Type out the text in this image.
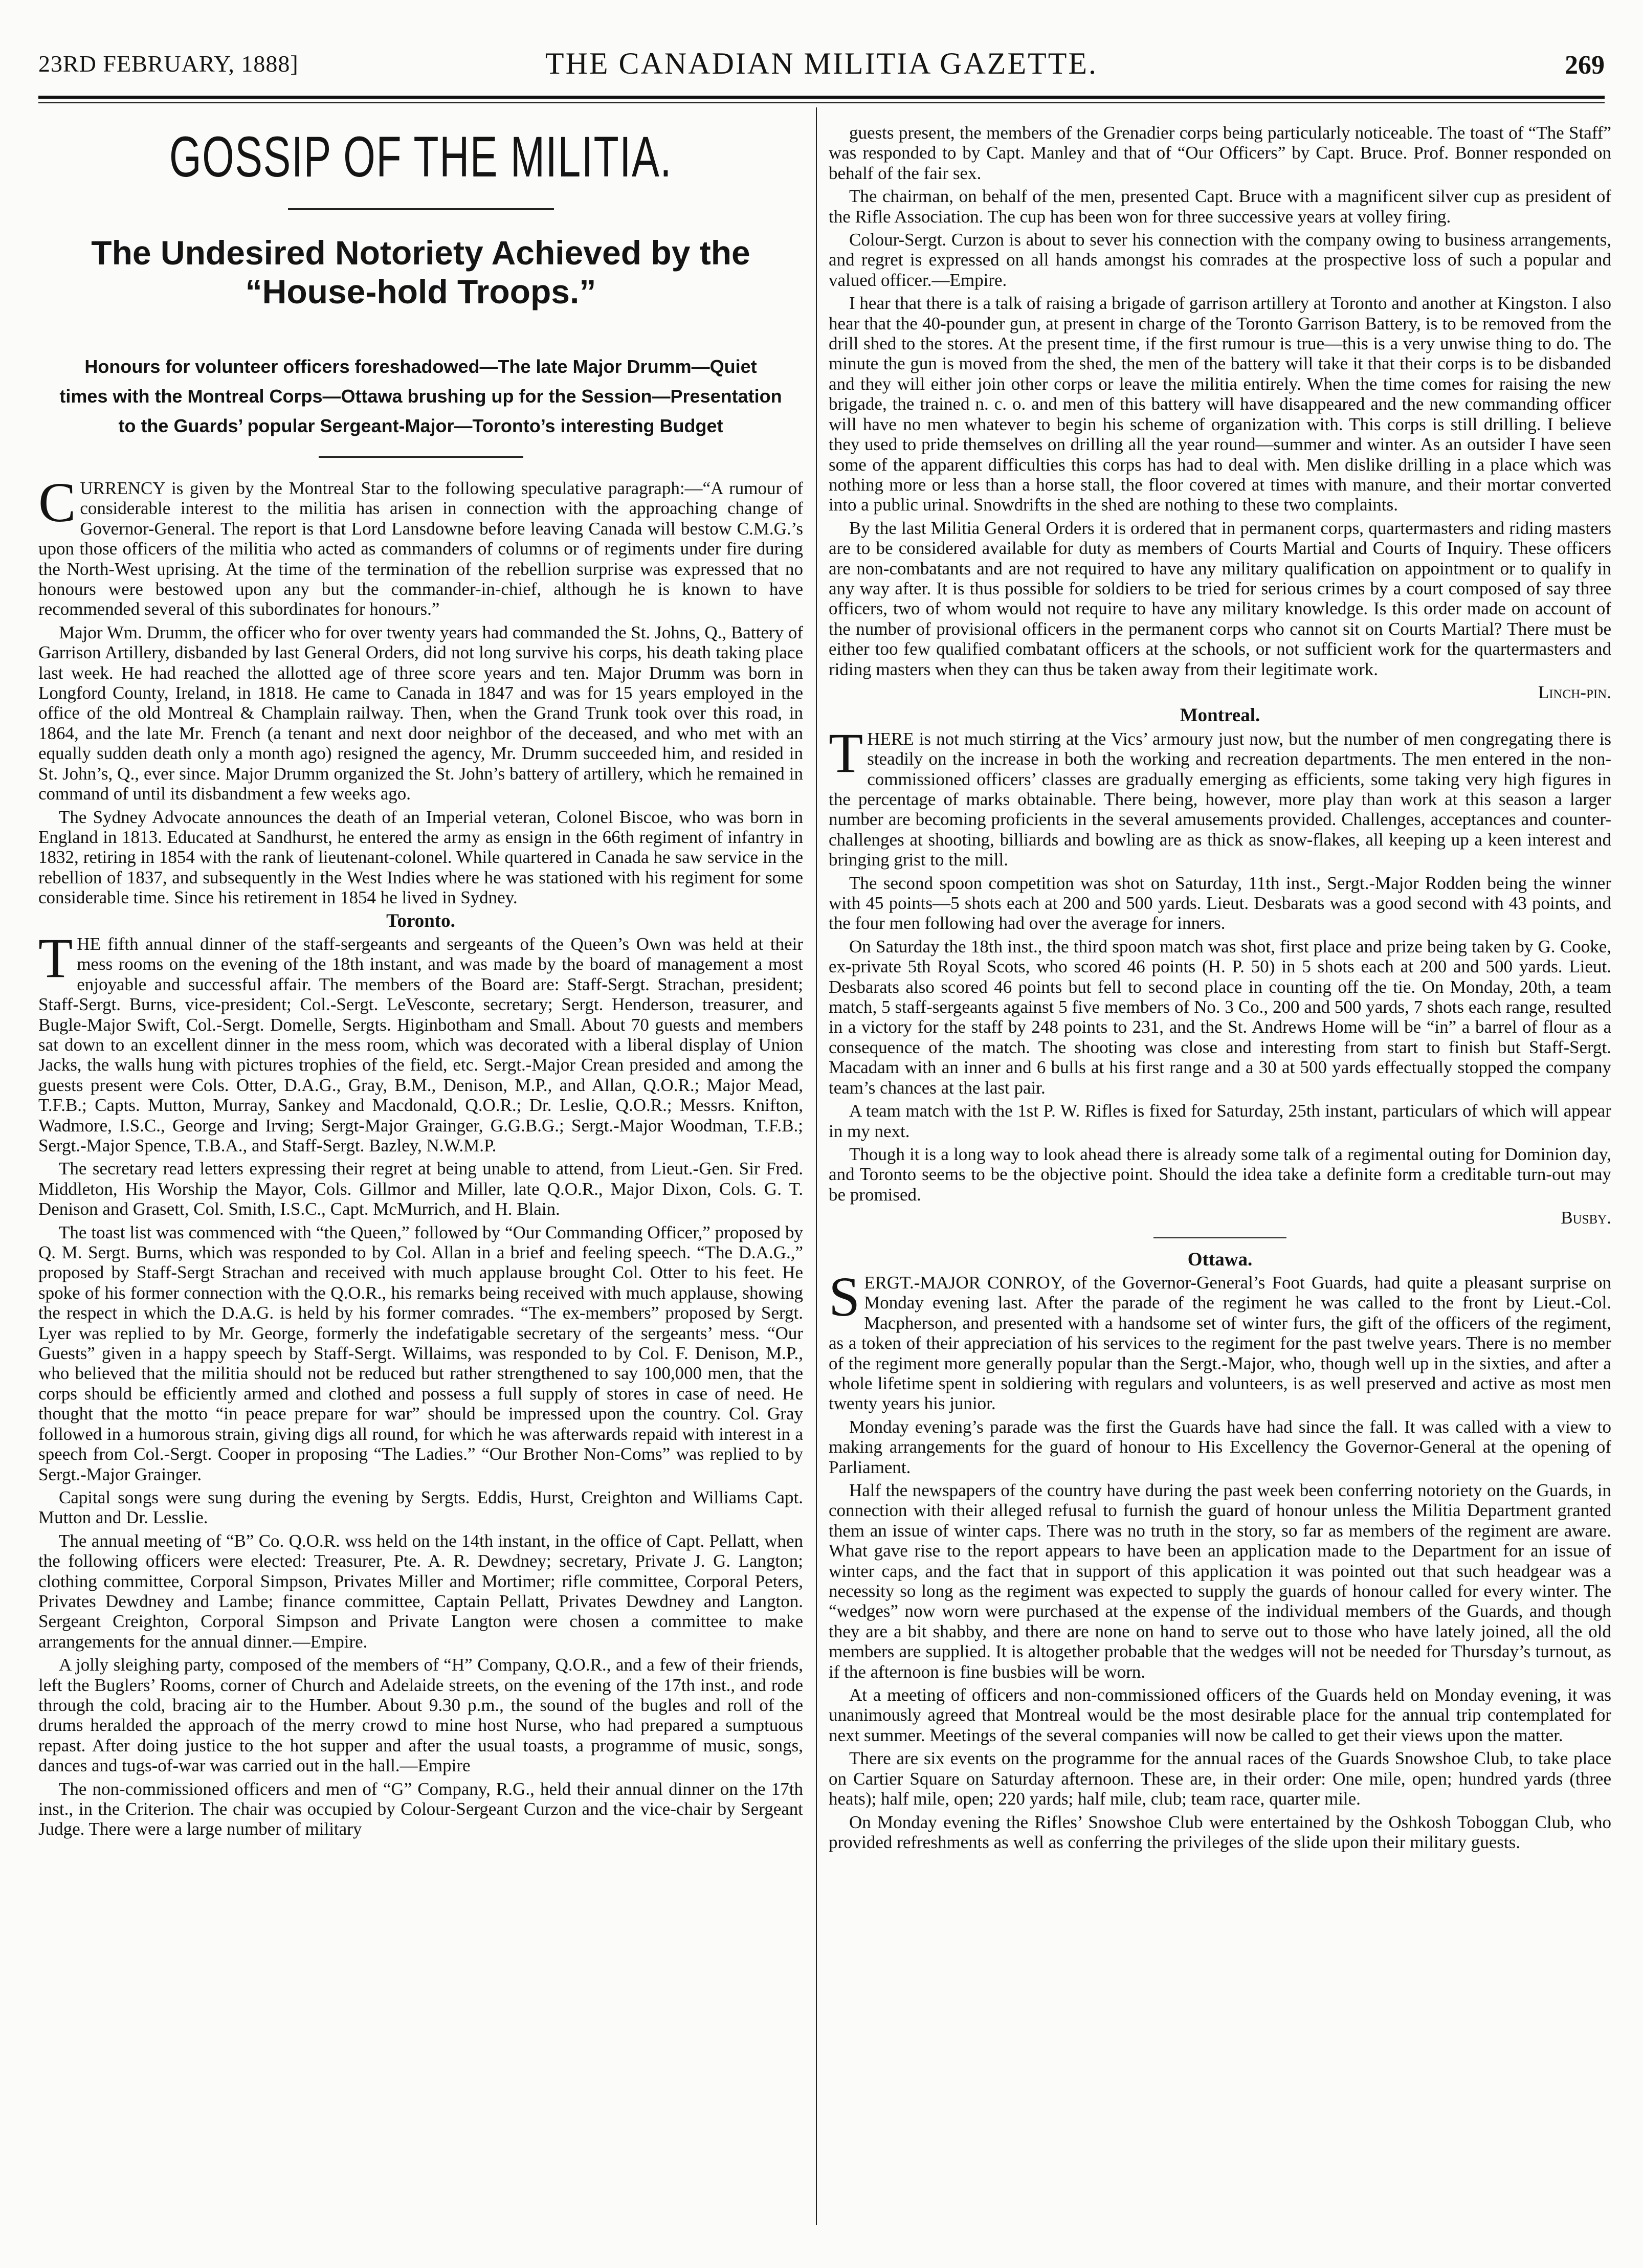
23RD FEBRUARY, 1888]	THE CANADIAN MILITIA GAZETTE.	269
GOSSIP OF THE MILITIA.
The Undesired Notoriety Achieved by the “House-hold Troops.”
Honours for volunteer officers foreshadowed—The late Major Drumm—Quiet times with the Montreal Corps—Ottawa brushing up for the Session—Presentation to the Guards’ popular Sergeant-Major—Toronto’s interesting Budget

CURRENCY is given by the Montreal Star to the following speculative paragraph:—“A rumour of considerable interest to the militia has arisen in connection with the approaching change of Governor-General. The report is that Lord Lansdowne before leaving Canada will bestow C.M.G.’s upon those officers of the militia who acted as commanders of columns or of regiments under fire during the North-West uprising. At the time of the termination of the rebellion surprise was expressed that no honours were bestowed upon any but the commander-in-chief, although he is known to have recommended several of this subordinates for honours.”

Major Wm. Drumm, the officer who for over twenty years had commanded the St. Johns, Q., Battery of Garrison Artillery, disbanded by last General Orders, did not long survive his corps, his death taking place last week. He had reached the allotted age of three score years and ten. Major Drumm was born in Longford County, Ireland, in 1818. He came to Canada in 1847 and was for 15 years employed in the office of the old Montreal & Champlain railway. Then, when the Grand Trunk took over this road, in 1864, and the late Mr. French (a tenant and next door neighbor of the deceased, and who met with an equally sudden death only a month ago) resigned the agency, Mr. Drumm succeeded him, and resided in St. John’s, Q., ever since. Major Drumm organized the St. John’s battery of artillery, which he remained in command of until its disbandment a few weeks ago.

The Sydney Advocate announces the death of an Imperial veteran, Colonel Biscoe, who was born in England in 1813. Educated at Sandhurst, he entered the army as ensign in the 66th regiment of infantry in 1832, retiring in 1854 with the rank of lieutenant-colonel. While quartered in Canada he saw service in the rebellion of 1837, and subsequently in the West Indies where he was stationed with his regiment for some considerable time. Since his retirement in 1854 he lived in Sydney.

Toronto.

THE fifth annual dinner of the staff-sergeants and sergeants of the Queen’s Own was held at their mess rooms on the evening of the 18th instant, and was made by the board of management a most enjoyable and successful affair. The members of the Board are: Staff-Sergt. Strachan, president; Staff-Sergt. Burns, vice-president; Col.-Sergt. LeVesconte, secretary; Sergt. Henderson, treasurer, and Bugle-Major Swift, Col.-Sergt. Domelle, Sergts. Higinbotham and Small. About 70 guests and members sat down to an excellent dinner in the mess room, which was decorated with a liberal display of Union Jacks, the walls hung with pictures trophies of the field, etc. Sergt.-Major Crean presided and among the guests present were Cols. Otter, D.A.G., Gray, B.M., Denison, M.P., and Allan, Q.O.R.; Major Mead, T.F.B.; Capts. Mutton, Murray, Sankey and Macdonald, Q.O.R.; Dr. Leslie, Q.O.R.; Messrs. Knifton, Wadmore, I.S.C., George and Irving; Sergt-Major Grainger, G.G.B.G.; Sergt.-Major Woodman, T.F.B.; Sergt.-Major Spence, T.B.A., and Staff-Sergt. Bazley, N.W.M.P.

The secretary read letters expressing their regret at being unable to attend, from Lieut.-Gen. Sir Fred. Middleton, His Worship the Mayor, Cols. Gillmor and Miller, late Q.O.R., Major Dixon, Cols. G. T. Denison and Grasett, Col. Smith, I.S.C., Capt. McMurrich, and H. Blain.

The toast list was commenced with “the Queen,” followed by “Our Commanding Officer,” proposed by Q. M. Sergt. Burns, which was responded to by Col. Allan in a brief and feeling speech. “The D.A.G.,” proposed by Staff-Sergt Strachan and received with much applause brought Col. Otter to his feet. He spoke of his former connection with the Q.O.R., his remarks being received with much applause, showing the respect in which the D.A.G. is held by his former comrades. “The ex-members” proposed by Sergt. Lyer was replied to by Mr. George, formerly the indefatigable secretary of the sergeants’ mess. “Our Guests” given in a happy speech by Staff-Sergt. Willaims, was responded to by Col. F. Denison, M.P., who believed that the militia should not be reduced but rather strengthened to say 100,000 men, that the corps should be efficiently armed and clothed and possess a full supply of stores in case of need. He thought that the motto “in peace prepare for war” should be impressed upon the country. Col. Gray followed in a humorous strain, giving digs all round, for which he was afterwards repaid with interest in a speech from Col.-Sergt. Cooper in proposing “The Ladies.” “Our Brother Non-Coms” was replied to by Sergt.-Major Grainger.

Capital songs were sung during the evening by Sergts. Eddis, Hurst, Creighton and Williams Capt. Mutton and Dr. Lesslie.

The annual meeting of “B” Co. Q.O.R. wss held on the 14th instant, in the office of Capt. Pellatt, when the following officers were elected: Treasurer, Pte. A. R. Dewdney; secretary, Private J. G. Langton; clothing committee, Corporal Simpson, Privates Miller and Mortimer; rifle committee, Corporal Peters, Privates Dewdney and Lambe; finance committee, Captain Pellatt, Privates Dewdney and Langton. Sergeant Creighton, Corporal Simpson and Private Langton were chosen a committee to make arrangements for the annual dinner.—Empire.

A jolly sleighing party, composed of the members of “H” Company, Q.O.R., and a few of their friends, left the Buglers’ Rooms, corner of Church and Adelaide streets, on the evening of the 17th inst., and rode through the cold, bracing air to the Humber. About 9.30 p.m., the sound of the bugles and roll of the drums heralded the approach of the merry crowd to mine host Nurse, who had prepared a sumptuous repast. After doing justice to the hot supper and after the usual toasts, a programme of music, songs, dances and tugs-of-war was carried out in the hall.—Empire

The non-commissioned officers and men of “G” Company, R.G., held their annual dinner on the 17th inst., in the Criterion. The chair was occupied by Colour-Sergeant Curzon and the vice-chair by Sergeant Judge. There were a large number of military

guests present, the members of the Grenadier corps being particularly noticeable. The toast of “The Staff” was responded to by Capt. Manley and that of “Our Officers” by Capt. Bruce. Prof. Bonner responded on behalf of the fair sex.

The chairman, on behalf of the men, presented Capt. Bruce with a magnificent silver cup as president of the Rifle Association. The cup has been won for three successive years at volley firing.

Colour-Sergt. Curzon is about to sever his connection with the company owing to business arrangements, and regret is expressed on all hands amongst his comrades at the prospective loss of such a popular and valued officer.—Empire.

I hear that there is a talk of raising a brigade of garrison artillery at Toronto and another at Kingston. I also hear that the 40-pounder gun, at present in charge of the Toronto Garrison Battery, is to be removed from the drill shed to the stores. At the present time, if the first rumour is true—this is a very unwise thing to do. The minute the gun is moved from the shed, the men of the battery will take it that their corps is to be disbanded and they will either join other corps or leave the militia entirely. When the time comes for raising the new brigade, the trained n. c. o. and men of this battery will have disappeared and the new commanding officer will have no men whatever to begin his scheme of organization with. This corps is still drilling. I believe they used to pride themselves on drilling all the year round—summer and winter. As an outsider I have seen some of the apparent difficulties this corps has had to deal with. Men dislike drilling in a place which was nothing more or less than a horse stall, the floor covered at times with manure, and their mortar converted into a public urinal. Snowdrifts in the shed are nothing to these two complaints.

By the last Militia General Orders it is ordered that in permanent corps, quartermasters and riding masters are to be considered available for duty as members of Courts Martial and Courts of Inquiry. These officers are non-combatants and are not required to have any military qualification on appointment or to qualify in any way after. It is thus possible for soldiers to be tried for serious crimes by a court composed of say three officers, two of whom would not require to have any military knowledge. Is this order made on account of the number of provisional officers in the permanent corps who cannot sit on Courts Martial? There must be either too few qualified combatant officers at the schools, or not sufficient work for the quartermasters and riding masters when they can thus be taken away from their legitimate work.

Linch-pin.
Montreal.

THERE is not much stirring at the Vics’ armoury just now, but the number of men congregating there is steadily on the increase in both the working and recreation departments. The men entered in the non-commissioned officers’ classes are gradually emerging as efficients, some taking very high figures in the percentage of marks obtainable. There being, however, more play than work at this season a larger number are becoming proficients in the several amusements provided. Challenges, acceptances and counter-challenges at shooting, billiards and bowling are as thick as snow-flakes, all keeping up a keen interest and bringing grist to the mill.

The second spoon competition was shot on Saturday, 11th inst., Sergt.-Major Rodden being the winner with 45 points—5 shots each at 200 and 500 yards. Lieut. Desbarats was a good second with 43 points, and the four men following had over the average for inners.

On Saturday the 18th inst., the third spoon match was shot, first place and prize being taken by G. Cooke, ex-private 5th Royal Scots, who scored 46 points (H. P. 50) in 5 shots each at 200 and 500 yards. Lieut. Desbarats also scored 46 points but fell to second place in counting off the tie. On Monday, 20th, a team match, 5 staff-sergeants against 5 five members of No. 3 Co., 200 and 500 yards, 7 shots each range, resulted in a victory for the staff by 248 points to 231, and the St. Andrews Home will be “in” a barrel of flour as a consequence of the match. The shooting was close and interesting from start to finish but Staff-Sergt. Macadam with an inner and 6 bulls at his first range and a 30 at 500 yards effectually stopped the company team’s chances at the last pair.

A team match with the 1st P. W. Rifles is fixed for Saturday, 25th instant, particulars of which will appear in my next.

Though it is a long way to look ahead there is already some talk of a regimental outing for Dominion day, and Toronto seems to be the objective point. Should the idea take a definite form a creditable turn-out may be promised.

Busby.
Ottawa.

SERGT.-MAJOR CONROY, of the Governor-General’s Foot Guards, had quite a pleasant surprise on Monday evening last. After the parade of the regiment he was called to the front by Lieut.-Col. Macpherson, and presented with a handsome set of winter furs, the gift of the officers of the regiment, as a token of their appreciation of his services to the regiment for the past twelve years. There is no member of the regiment more generally popular than the Sergt.-Major, who, though well up in the sixties, and after a whole lifetime spent in soldiering with regulars and volunteers, is as well preserved and active as most men twenty years his junior.

Monday evening’s parade was the first the Guards have had since the fall. It was called with a view to making arrangements for the guard of honour to His Excellency the Governor-General at the opening of Parliament.

Half the newspapers of the country have during the past week been conferring notoriety on the Guards, in connection with their alleged refusal to furnish the guard of honour unless the Militia Department granted them an issue of winter caps. There was no truth in the story, so far as members of the regiment are aware. What gave rise to the report appears to have been an application made to the Department for an issue of winter caps, and the fact that in support of this application it was pointed out that such headgear was a necessity so long as the regiment was expected to supply the guards of honour called for every winter. The “wedges” now worn were purchased at the expense of the individual members of the Guards, and though they are a bit shabby, and there are none on hand to serve out to those who have lately joined, all the old members are supplied. It is altogether probable that the wedges will not be needed for Thursday’s turnout, as if the afternoon is fine busbies will be worn.

At a meeting of officers and non-commissioned officers of the Guards held on Monday evening, it was unanimously agreed that Montreal would be the most desirable place for the annual trip contemplated for next summer. Meetings of the several companies will now be called to get their views upon the matter.

There are six events on the programme for the annual races of the Guards Snowshoe Club, to take place on Cartier Square on Saturday afternoon. These are, in their order: One mile, open; hundred yards (three heats); half mile, open; 220 yards; half mile, club; team race, quarter mile.

On Monday evening the Rifles’ Snowshoe Club were entertained by the Oshkosh Toboggan Club, who provided refreshments as well as conferring the privileges of the slide upon their military guests.
